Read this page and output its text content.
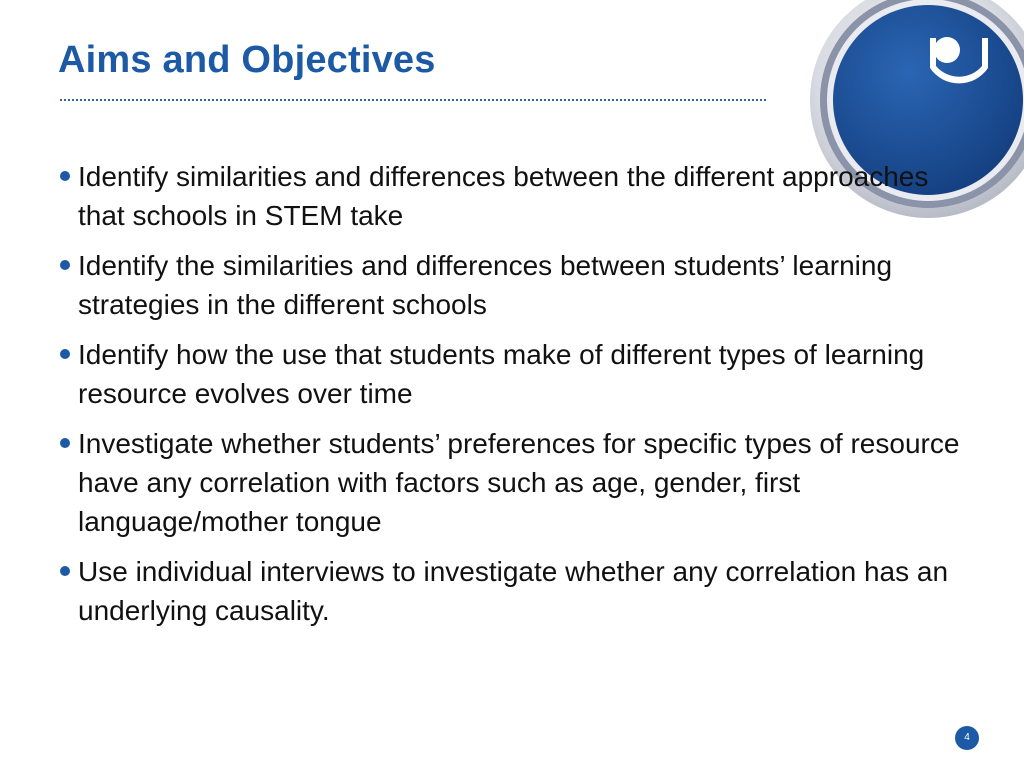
Aims and Objectives
Identify similarities and differences between the different approaches that schools in STEM take
Identify the similarities and differences between students’ learning strategies in the different schools
Identify how the use that students make of different types of learning resource evolves over time
Investigate whether students’ preferences for specific types of resource have any correlation with factors such as age, gender, first language/mother tongue
Use individual interviews to investigate whether any correlation has an underlying causality.
4
